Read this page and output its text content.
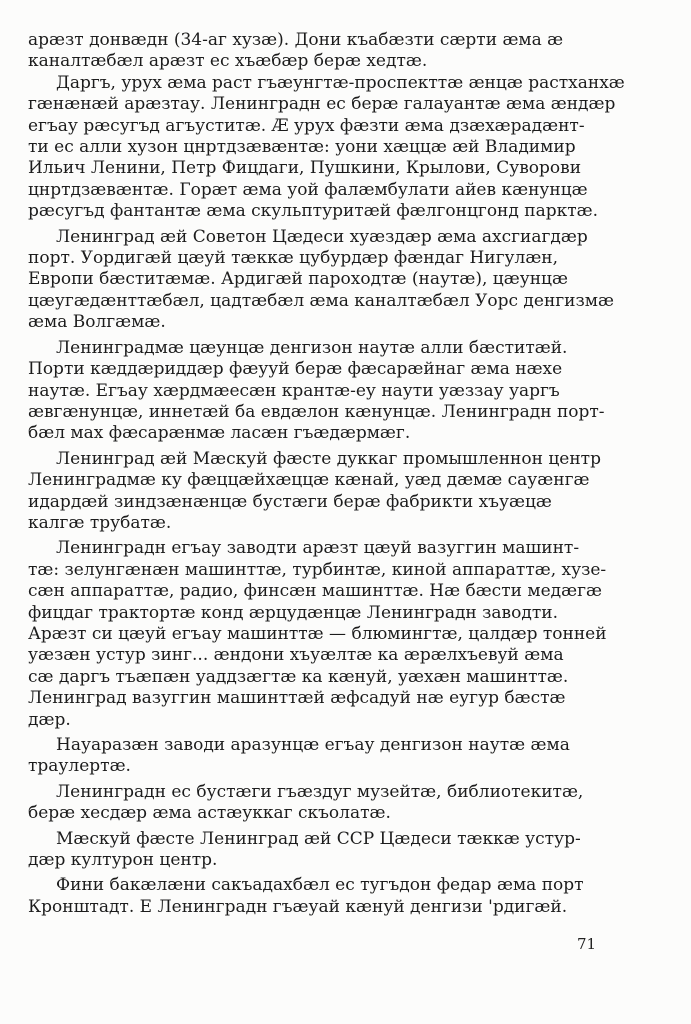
арæзт донвæдн (34-аг хузæ). Дони къабæзти сæрти æма æ
каналтæбæл арæзт ес хъæбæр берæ хедтæ.

Даргъ, урух æма раст гъæунгтæ-проспекттæ æнцæ растханхæ
гæнæнæй арæзтау. Ленинградн ес берæ галауантæ æма æндæр
егъау рæсугъд агъуститæ. Æ урух фæзти æма дзæхæрадæнт-
ти ес алли хузон цнртдзæвæнтæ: уони хæццæ æй Владимир
Ильич Ленини, Петр Фицдаги, Пушкини, Крылови, Суворови
цнртдзæвæнтæ. Горæт æма уой фалæмбулати айев кæнунцæ
рæсугъд фантантæ æма скульптуритæй фæлгонцгонд парктæ.

Ленинград æй Советон Цæдеси хуæздæр æма ахсгиагдæр
порт. Уордигæй цæуй тæккæ цубурдæр фæндаг Нигулæн,
Европи бæститæмæ. Ардигæй пароходтæ (наутæ), цæунцæ
цæугæдæнттæбæл, цадтæбæл æма каналтæбæл Уорс денгизмæ
æма Волгæмæ.

Ленинградмæ цæунцæ денгизон наутæ алли бæститæй.
Порти кæддæриддæр фæууй берæ фæсарæйнаг æма нæхе
наутæ. Егъау хæрдмæесæн крантæ-еу наути уæззау уаргъ
æвгæнунцæ, иннетæй ба евдæлон кæнунцæ. Ленинградн порт-
бæл мах фæсарæнмæ ласæн гъæдæрмæг.

Ленинград æй Мæскуй фæсте дуккаг промышленнон центр
Ленинградмæ ку фæццæйхæццæ кæнай, уæд дæмæ сауæнгæ
идардæй зиндзæнæнцæ бустæги берæ фабрикти хъуæцæ
калгæ трубатæ.

Ленинградн егъау заводти арæзт цæуй вазуггин машинт-
тæ: зелунгæнæн машинттæ, турбинтæ, киной аппараттæ, хузе-
сæн аппараттæ, радио, финсæн машинттæ. Нæ бæсти медæгæ
фицдаг трактортæ конд æрцудæнцæ Ленинградн заводти.
Арæзт си цæуй егъау машинттæ — блюмингтæ, цалдæр тонней
уæзæн устур зинг... æндони хъуæлтæ ка æрæлхъевуй æма
сæ даргъ тъæпæн уаддзæгтæ ка кæнуй, уæхæн машинттæ.
Ленинград вазуггин машинттæй æфсадуй нæ еугур бæстæ
дæр.

Науаразæн заводи аразунцæ егъау денгизон наутæ æма
траулертæ.

Ленинградн ес бустæги гъæздуг музейтæ, библиотекитæ,
берæ хесдæр æма астæуккаг скъолатæ.

Мæскуй фæсте Ленинград æй ССР Цæдеси тæккæ устур-
дæр културон центр.

Фини бакæлæни сакъадахбæл ес тугъдон федар æма порт
Кронштадт. Е Ленинградн гъæуай кæнуй денгизи 'рдигæй.

71
